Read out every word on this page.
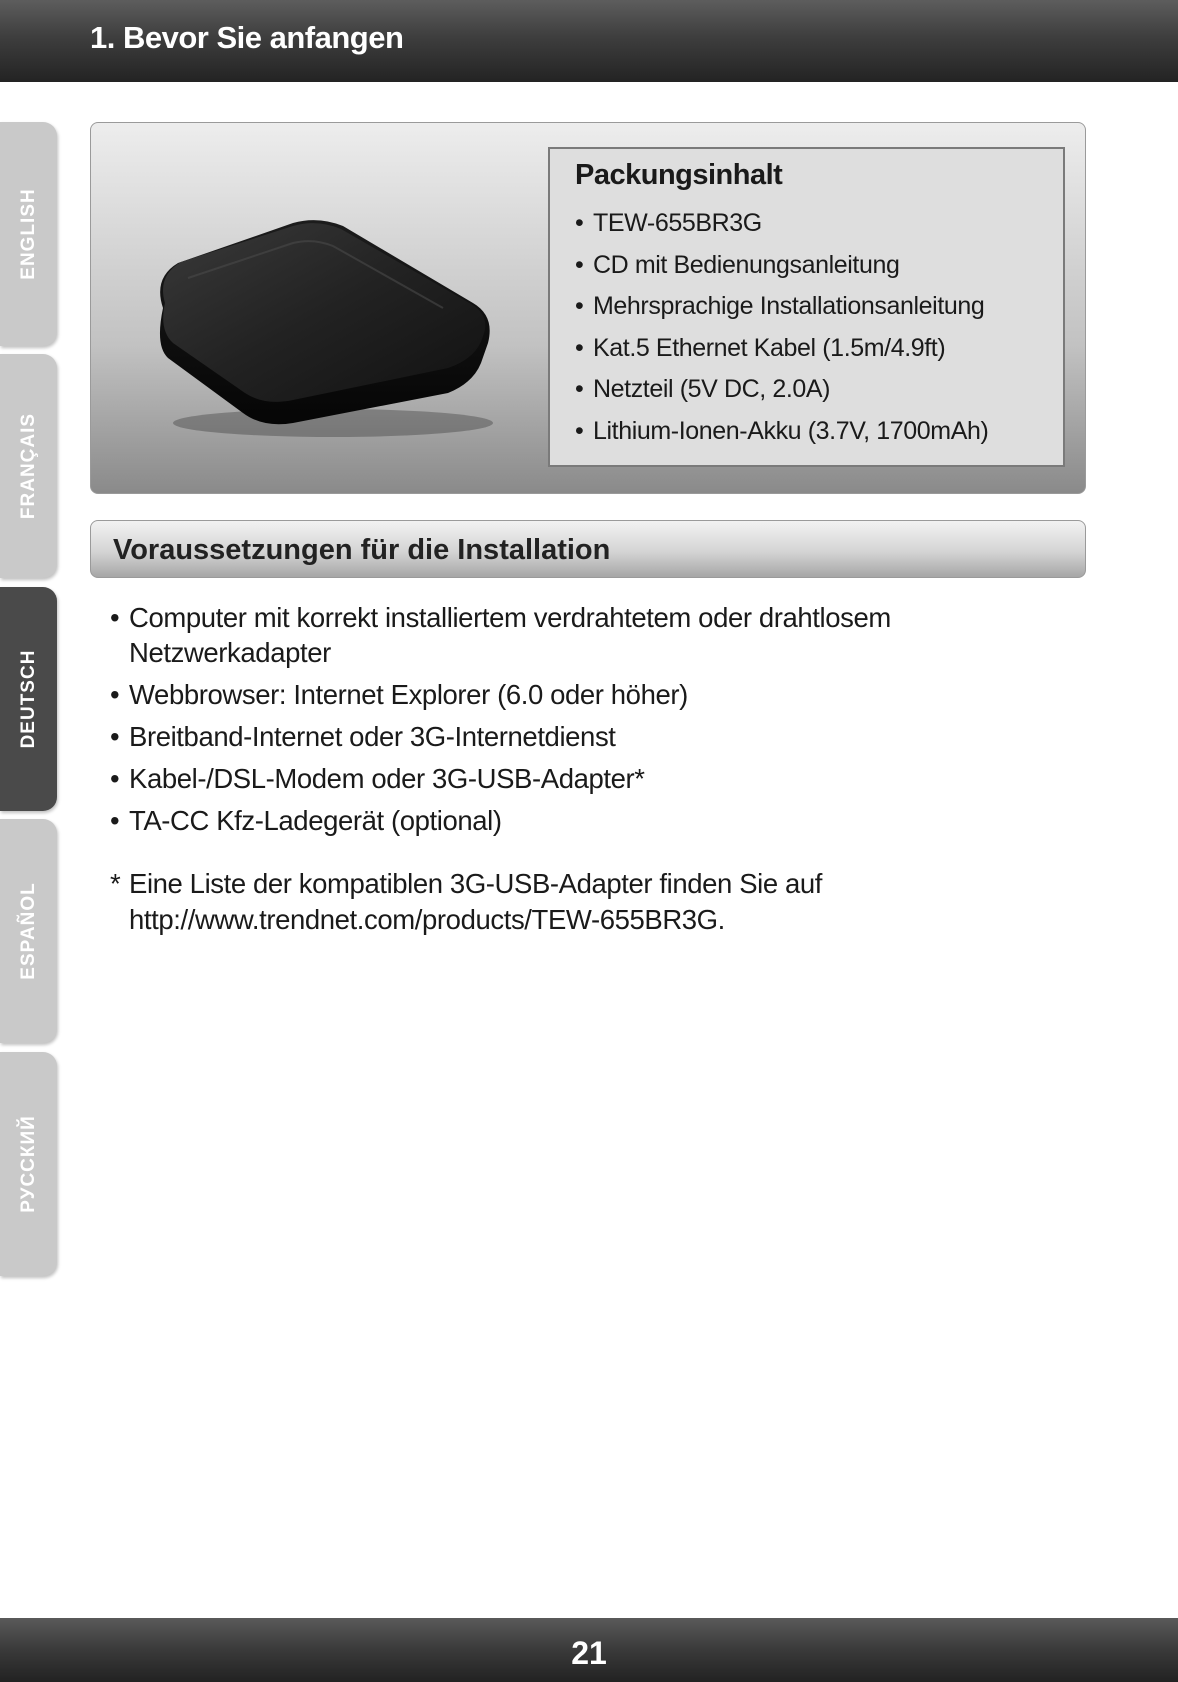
1. Bevor Sie anfangen
ENGLISH
FRANÇAIS
DEUTSCH
ESPAÑOL
РУССКИЙ
Packungsinhalt
• TEW-655BR3G
• CD mit Bedienungsanleitung
• Mehrsprachige Installationsanleitung
• Kat.5 Ethernet Kabel (1.5m/4.9ft)
• Netzteil (5V DC, 2.0A)
• Lithium-Ionen-Akku (3.7V, 1700mAh)
Voraussetzungen für die Installation
• Computer mit korrekt installiertem verdrahtetem oder drahtlosem
Netzwerkadapter
• Webbrowser: Internet Explorer (6.0 oder höher)
• Breitband-Internet oder 3G-Internetdienst
• Kabel-/DSL-Modem oder 3G-USB-Adapter*
• TA-CC Kfz-Ladegerät (optional)
* Eine Liste der kompatiblen 3G-USB-Adapter finden Sie auf
http://www.trendnet.com/products/TEW-655BR3G.
21
